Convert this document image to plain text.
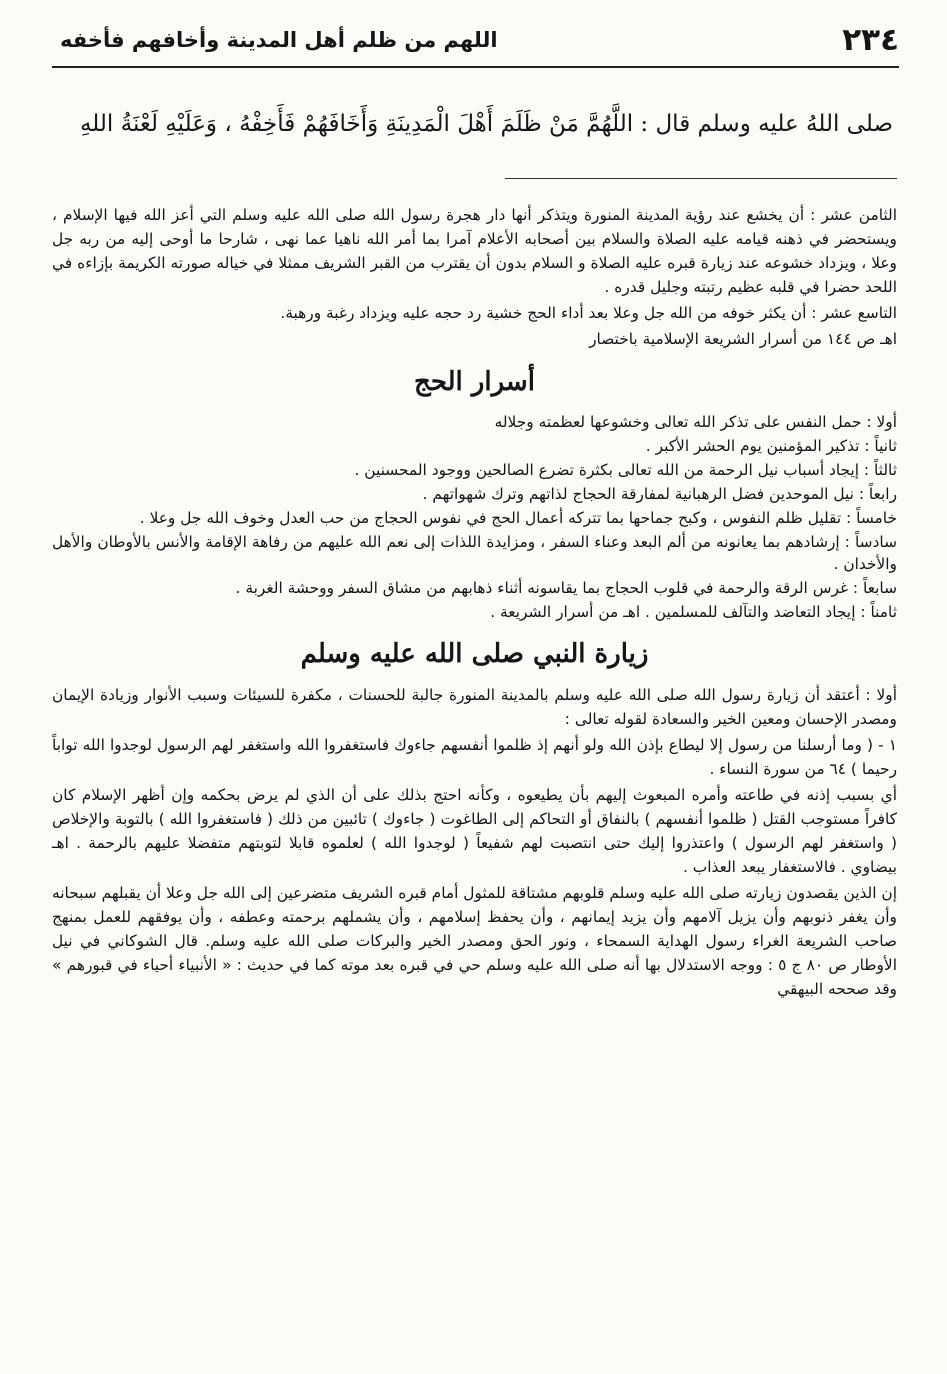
٢٣٤
اللهم من ظلم أهل المدينة وأخافهم فأخفه
صلى اللهُ عليه وسلم قال : اللَّهُمَّ مَنْ ظَلَمَ أَهْلَ الْمَدِينَةِ وَأَخَافَهُمْ فَأَخِفْهُ ، وَعَلَيْهِ لَعْنَةُ اللهِ

الثامن عشر : أن يخشع عند رؤية المدينة المنورة ويتذكر أنها دار هجرة رسول الله صلى الله عليه وسلم التي أعز الله فيها الإسلام ، ويستحضر في ذهنه قيامه عليه الصلاة والسلام بين أصحابه الأعلام آمرا بما أمر الله ناهيا عما نهى ، شارحا ما أوحى إليه من ربه جل وعلا ، ويزداد خشوعه عند زيارة قبره عليه الصلاة و السلام بدون أن يقترب من القبر الشريف ممثلا في خياله صورته الكريمة بإزاءه في اللحد حضرا في قلبه عظيم رتبته وجليل قدره .

التاسع عشر : أن يكثر خوفه من الله جل وعلا بعد أداء الحج خشية رد حجه عليه ويزداد رغبة ورهبة.

اهـ ص ١٤٤ من أسرار الشريعة الإسلامية باختصار

أسرار الحج

أولا : حمل النفس على تذكر الله تعالى وخشوعها لعظمته وجلاله

ثانياً : تذكير المؤمنين يوم الحشر الأكبر .

ثالثاً : إيجاد أسباب نيل الرحمة من الله تعالى بكثرة تضرع الصالحين ووجود المحسنين .

رابعاً : نيل الموحدين فضل الرهبانية لمفارقة الحجاج لذاتهم وترك شهواتهم .

خامساً : تقليل ظلم النفوس ، وكبح جماحها بما تتركه أعمال الحج في نفوس الحجاج من حب العدل وخوف الله جل وعلا .

سادساً : إرشادهم بما يعانونه من ألم البعد وعناء السفر ، ومزايدة اللذات إلى نعم الله عليهم من رفاهة الإقامة والأنس بالأوطان والأهل والأخدان .

سابعاً : غرس الرقة والرحمة في قلوب الحجاج بما يقاسونه أثناء ذهابهم من مشاق السفر ووحشة الغربة .

ثامناً : إيجاد التعاضد والتآلف للمسلمين . اهـ من أسرار الشريعة .

زيارة النبي صلى الله عليه وسلم

أولا : أعتقد أن زيارة رسول الله صلى الله عليه وسلم بالمدينة المنورة جالبة للحسنات ، مكفرة للسيئات وسبب الأنوار وزيادة الإيمان ومصدر الإحسان ومعين الخير والسعادة لقوله تعالى :

١ - ( وما أرسلنا من رسول إلا ليطاع بإذن الله ولو أنهم إذ ظلموا أنفسهم جاءوك فاستغفروا الله واستغفر لهم الرسول لوجدوا الله تواباً رحيما ) ٦٤ من سورة النساء .

أي بسبب إذنه في طاعته وأمره المبعوث إليهم بأن يطيعوه ، وكأنه احتج بذلك على أن الذي لم يرض بحكمه وإن أظهر الإسلام كان كافراً مستوجب القتل ( ظلموا أنفسهم ) بالنفاق أو التحاكم إلى الطاغوت ( جاءوك ) تائبين من ذلك ( فاستغفروا الله ) بالتوبة والإخلاص ( واستغفر لهم الرسول ) واعتذروا إليك حتى انتصبت لهم شفيعاً ( لوجدوا الله ) لعلموه قابلا لتوبتهم متفضلا عليهم بالرحمة . اهـ بيضاوي . فالاستغفار يبعد العذاب .

إن الذين يقصدون زيارته صلى الله عليه وسلم قلوبهم مشتاقة للمثول أمام قبره الشريف متضرعين إلى الله جل وعلا أن يقبلهم سبحانه وأن يغفر ذنوبهم وأن يزيل آلامهم وأن يزيد إيمانهم ، وأن يحفظ إسلامهم ، وأن يشملهم برحمته وعطفه ، وأن يوفقهم للعمل بمنهج صاحب الشريعة الغراء رسول الهداية السمحاء ، ونور الحق ومصدر الخير والبركات صلى الله عليه وسلم. قال الشوكاني في نيل الأوطار ص ٨٠ ج ٥ : ووجه الاستدلال بها أنه صلى الله عليه وسلم حي في قبره بعد موته كما في حديث : « الأنبياء أحياء في قبورهم » وقد صححه البيهقي
